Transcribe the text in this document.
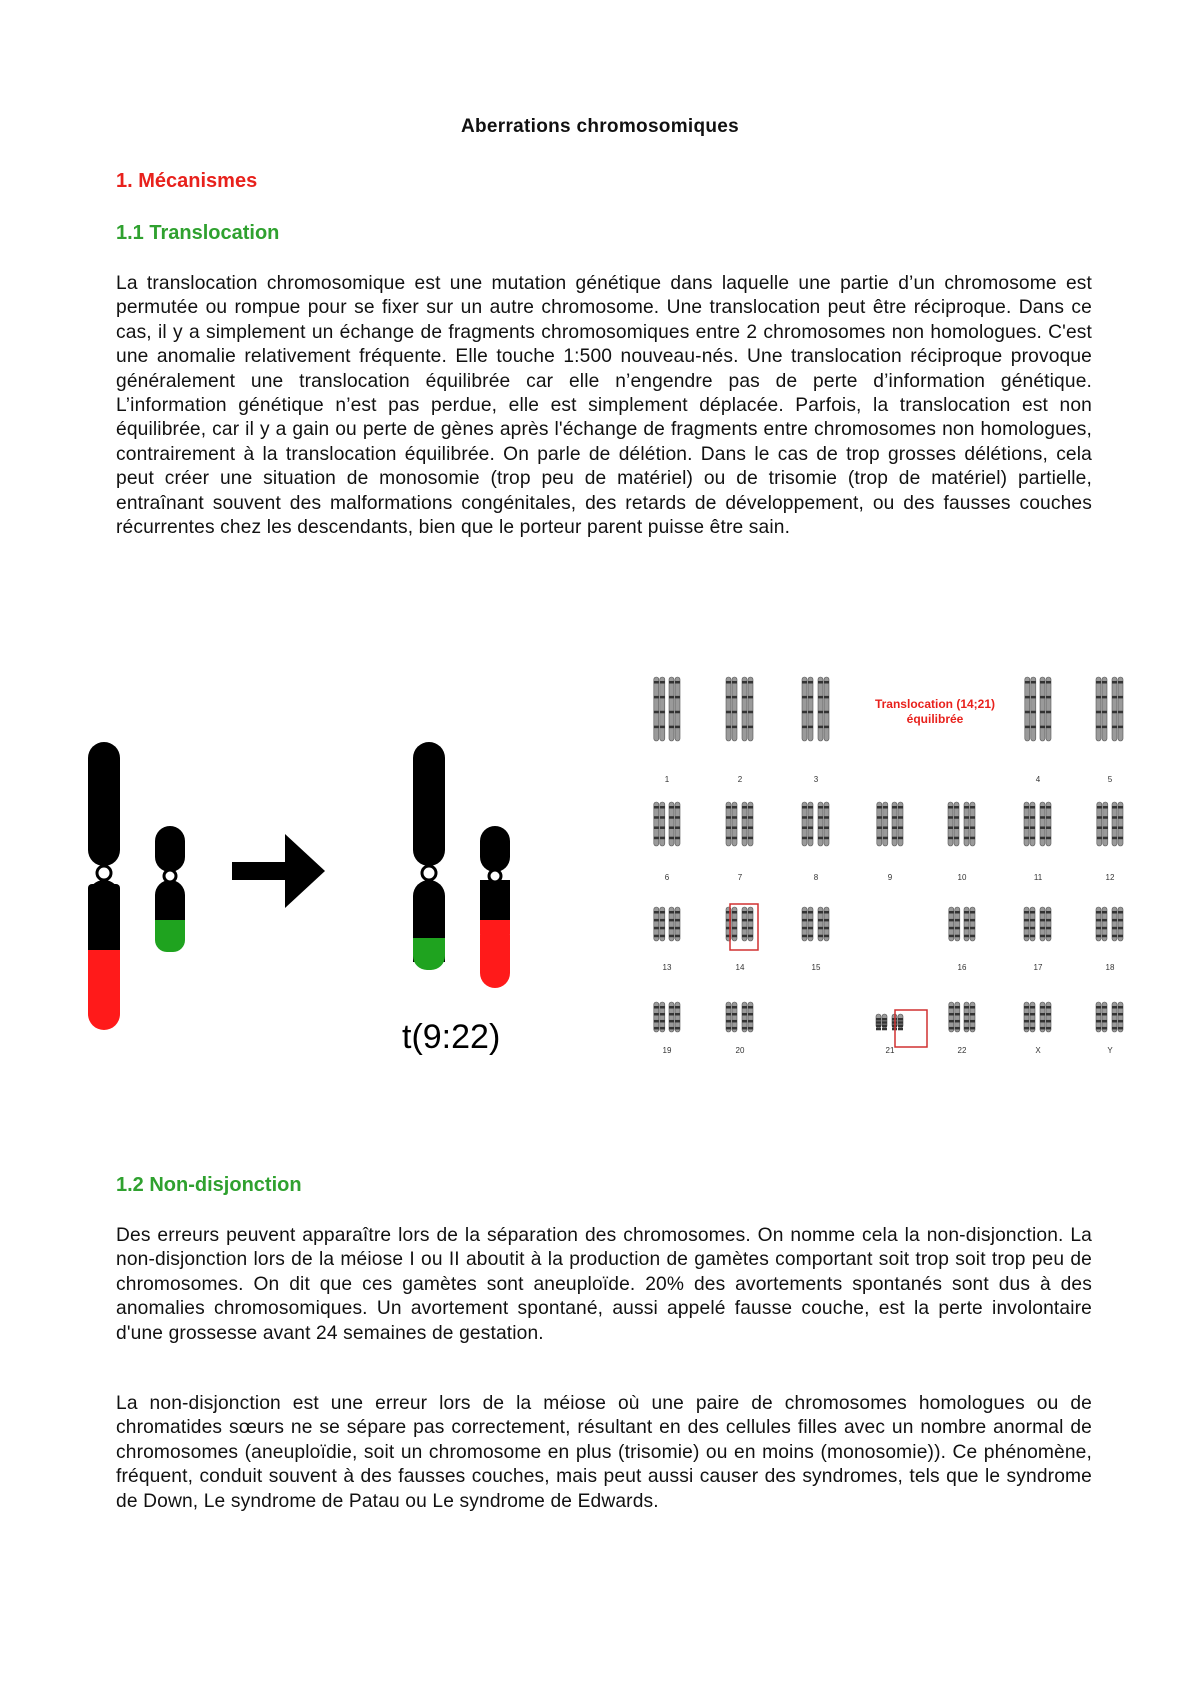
Aberrations chromosomiques
1. Mécanismes
1.1 Translocation
La translocation chromosomique est une mutation génétique dans laquelle une partie d’un chromosome est permutée ou rompue pour se fixer sur un autre chromosome. Une translocation peut être réciproque. Dans ce cas, il y a simplement un échange de fragments chromosomiques entre 2 chromosomes non homologues. C'est une anomalie relativement fréquente. Elle touche 1:500 nouveau-nés. Une translocation réciproque provoque généralement une translocation équilibrée car elle n’engendre pas de perte d’information génétique. L’information génétique n’est pas perdue, elle est simplement déplacée. Parfois, la translocation est non équilibrée, car il y a gain ou perte de gènes après l'échange de fragments entre chromosomes non homologues, contrairement à la translocation équilibrée. On parle de délétion. Dans le cas de trop grosses délétions, cela peut créer une situation de monosomie (trop peu de matériel) ou de trisomie (trop de matériel) partielle, entraînant souvent des malformations congénitales, des retards de développement, ou des fausses couches récurrentes chez les descendants, bien que le porteur parent puisse être sain.
t(9:22)
1	2	3	4	5
6	7	8	9	10	11	12
13	14	15	16	17	18
19	20	21	22	X	Y
Translocation (14;21)
équilibrée
1.2 Non-disjonction
Des erreurs peuvent apparaître lors de la séparation des chromosomes. On nomme cela la non-disjonction. La non-disjonction lors de la méiose I ou II aboutit à la production de gamètes comportant soit trop soit trop peu de chromosomes. On dit que ces gamètes sont aneuploïde. 20% des avortements spontanés sont dus à des anomalies chromosomiques. Un avortement spontané, aussi appelé fausse couche, est la perte involontaire d'une grossesse avant 24 semaines de gestation.
La non-disjonction est une erreur lors de la méiose où une paire de chromosomes homologues ou de chromatides sœurs ne se sépare pas correctement, résultant en des cellules filles avec un nombre anormal de chromosomes (aneuploïdie, soit un chromosome en plus (trisomie) ou en moins (monosomie)). Ce phénomène, fréquent, conduit souvent à des fausses couches, mais peut aussi causer des syndromes, tels que le syndrome de Down, Le syndrome de Patau ou Le syndrome de Edwards.
